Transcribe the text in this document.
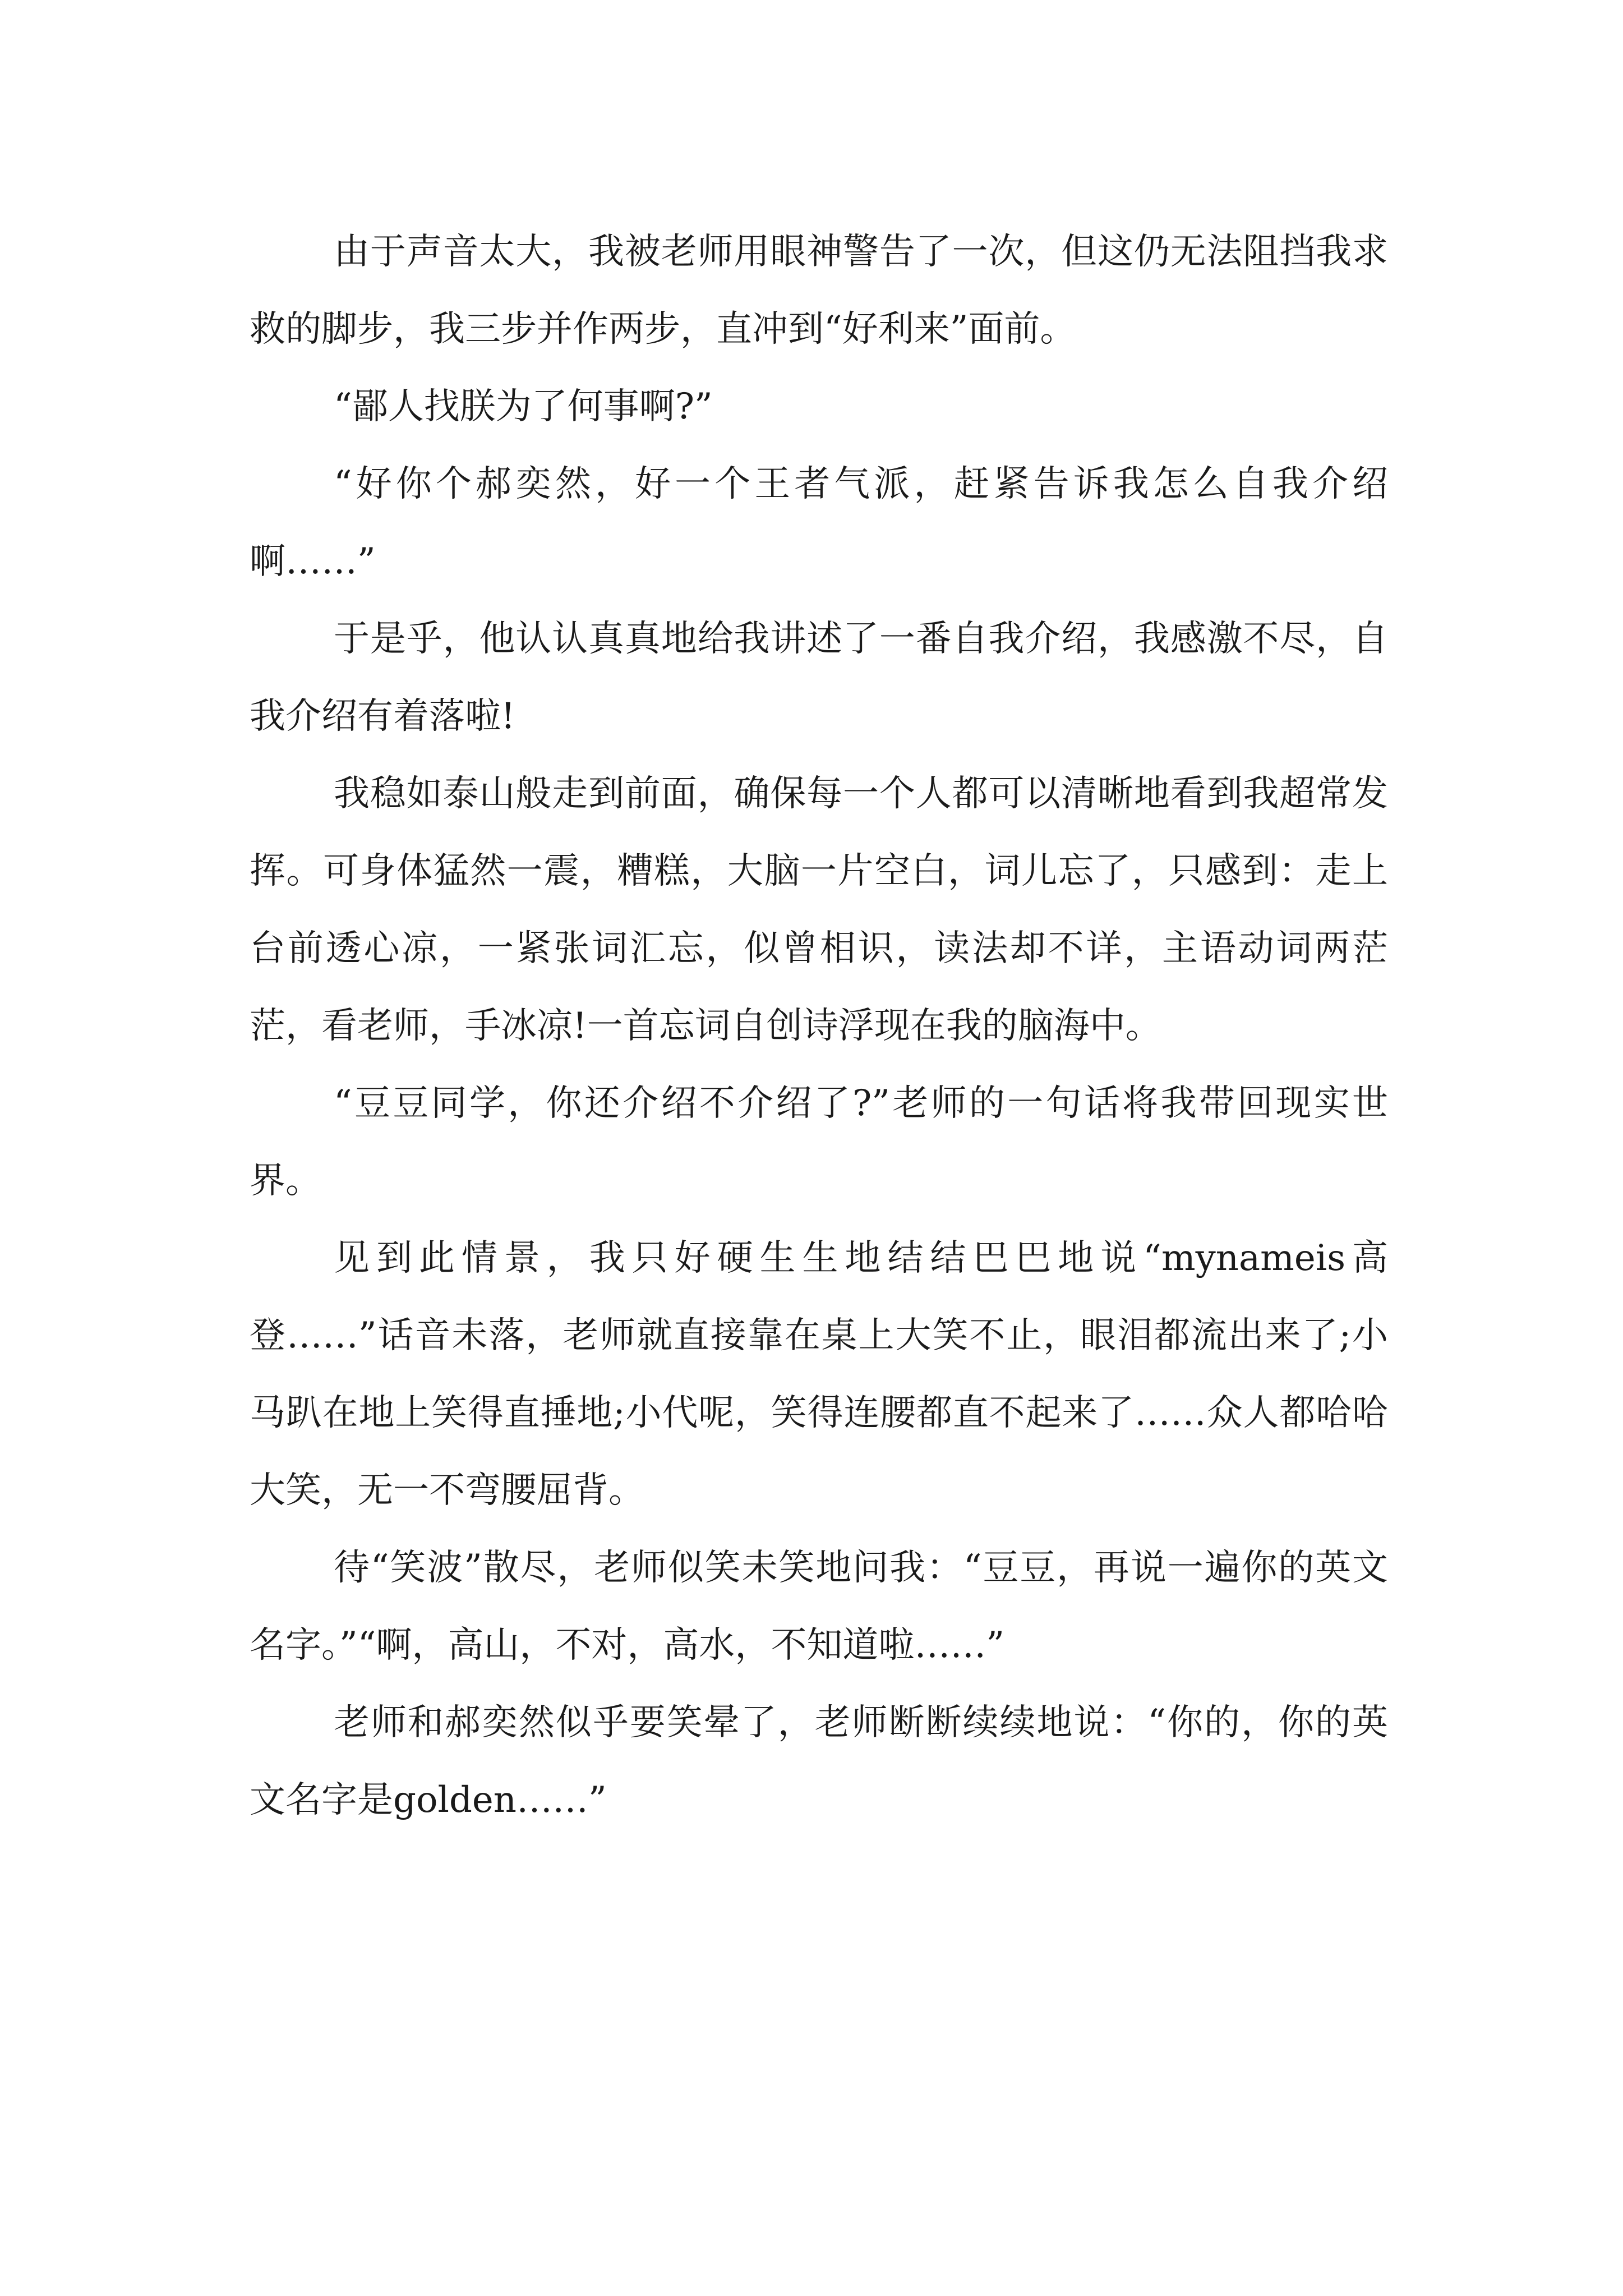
由于声音太大，我被老师用眼神警告了一次，但这仍无法阻挡我求救的脚步，我三步并作两步，直冲到“好利来”面前。

“鄙人找朕为了何事啊?”

“好你个郝奕然，好一个王者气派，赶紧告诉我怎么自我介绍啊……”

于是乎，他认认真真地给我讲述了一番自我介绍，我感激不尽，自我介绍有着落啦!

我稳如泰山般走到前面，确保每一个人都可以清晰地看到我超常发挥。可身体猛然一震，糟糕，大脑一片空白，词儿忘了，只感到：走上台前透心凉，一紧张词汇忘，似曾相识，读法却不详，主语动词两茫茫，看老师，手冰凉!一首忘词自创诗浮现在我的脑海中。

“豆豆同学，你还介绍不介绍了?”老师的一句话将我带回现实世界。

见到此情景，我只好硬生生地结结巴巴地说“mynameis高登……”话音未落，老师就直接靠在桌上大笑不止，眼泪都流出来了;小马趴在地上笑得直捶地;小代呢，笑得连腰都直不起来了……众人都哈哈大笑，无一不弯腰屈背。

待“笑波”散尽，老师似笑未笑地问我：“豆豆，再说一遍你的英文名字。”“啊，高山，不对，高水，不知道啦……”

老师和郝奕然似乎要笑晕了，老师断断续续地说：“你的，你的英文名字是golden……”
